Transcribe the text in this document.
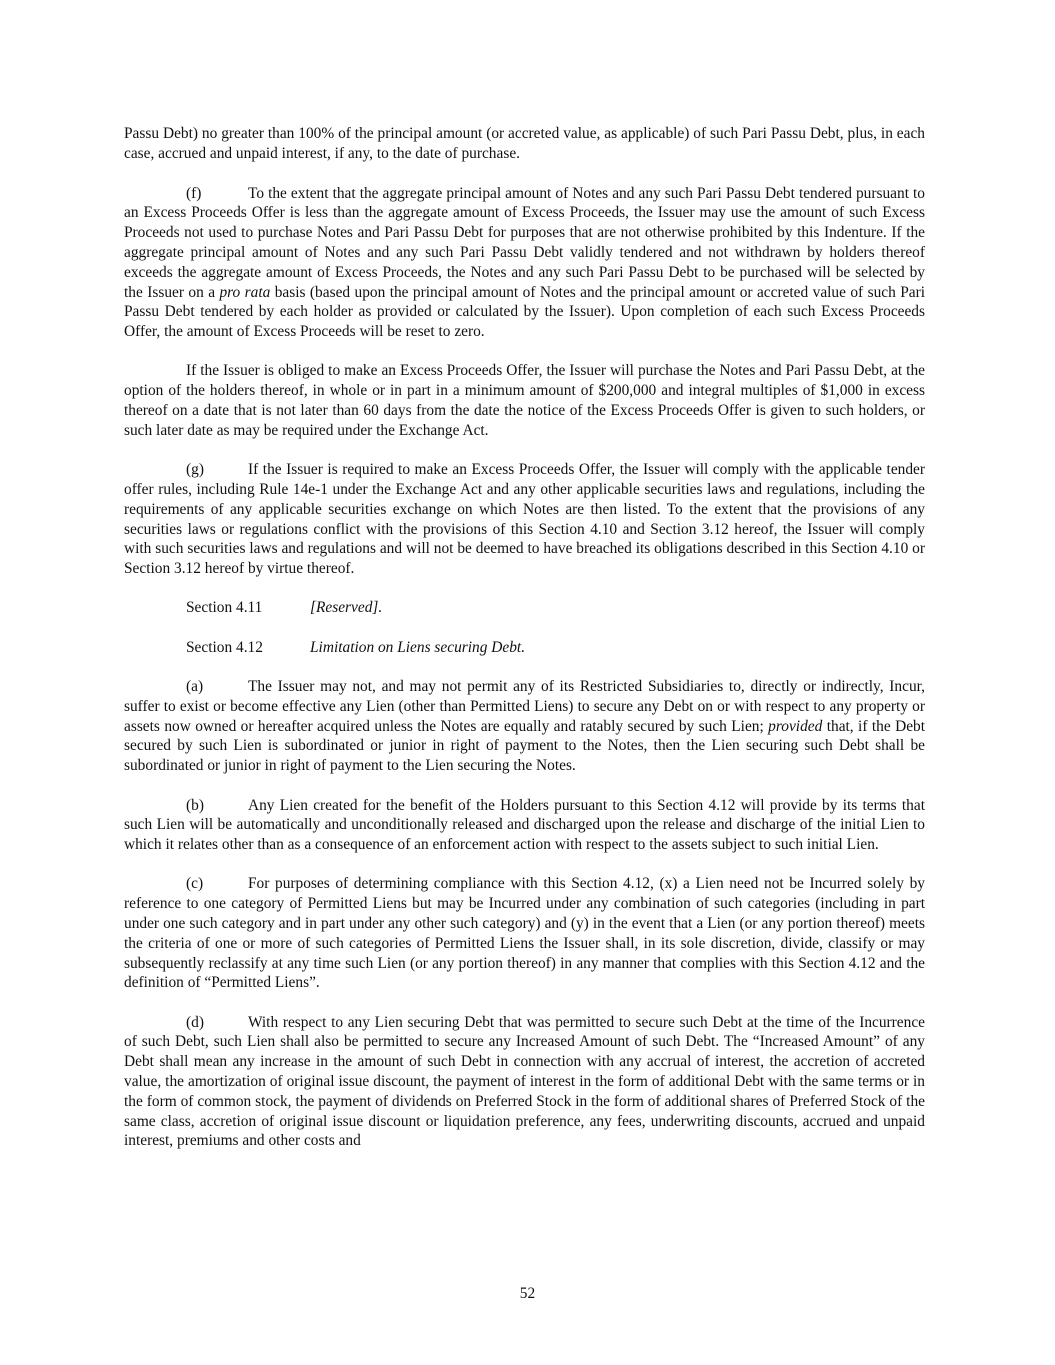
Passu Debt) no greater than 100% of the principal amount (or accreted value, as applicable) of such Pari Passu Debt, plus, in each case, accrued and unpaid interest, if any, to the date of purchase.

(f)	To the extent that the aggregate principal amount of Notes and any such Pari Passu Debt tendered pursuant to an Excess Proceeds Offer is less than the aggregate amount of Excess Proceeds, the Issuer may use the amount of such Excess Proceeds not used to purchase Notes and Pari Passu Debt for purposes that are not otherwise prohibited by this Indenture. If the aggregate principal amount of Notes and any such Pari Passu Debt validly tendered and not withdrawn by holders thereof exceeds the aggregate amount of Excess Proceeds, the Notes and any such Pari Passu Debt to be purchased will be selected by the Issuer on a pro rata basis (based upon the principal amount of Notes and the principal amount or accreted value of such Pari Passu Debt tendered by each holder as provided or calculated by the Issuer). Upon completion of each such Excess Proceeds Offer, the amount of Excess Proceeds will be reset to zero.

If the Issuer is obliged to make an Excess Proceeds Offer, the Issuer will purchase the Notes and Pari Passu Debt, at the option of the holders thereof, in whole or in part in a minimum amount of $200,000 and integral multiples of $1,000 in excess thereof on a date that is not later than 60 days from the date the notice of the Excess Proceeds Offer is given to such holders, or such later date as may be required under the Exchange Act.

(g)	If the Issuer is required to make an Excess Proceeds Offer, the Issuer will comply with the applicable tender offer rules, including Rule 14e-1 under the Exchange Act and any other applicable securities laws and regulations, including the requirements of any applicable securities exchange on which Notes are then listed. To the extent that the provisions of any securities laws or regulations conflict with the provisions of this Section 4.10 and Section 3.12 hereof, the Issuer will comply with such securities laws and regulations and will not be deemed to have breached its obligations described in this Section 4.10 or Section 3.12 hereof by virtue thereof.

Section 4.11	[Reserved].

Section 4.12	Limitation on Liens securing Debt.

(a)	The Issuer may not, and may not permit any of its Restricted Subsidiaries to, directly or indirectly, Incur, suffer to exist or become effective any Lien (other than Permitted Liens) to secure any Debt on or with respect to any property or assets now owned or hereafter acquired unless the Notes are equally and ratably secured by such Lien; provided that, if the Debt secured by such Lien is subordinated or junior in right of payment to the Notes, then the Lien securing such Debt shall be subordinated or junior in right of payment to the Lien securing the Notes.

(b)	Any Lien created for the benefit of the Holders pursuant to this Section 4.12 will provide by its terms that such Lien will be automatically and unconditionally released and discharged upon the release and discharge of the initial Lien to which it relates other than as a consequence of an enforcement action with respect to the assets subject to such initial Lien.

(c)	For purposes of determining compliance with this Section 4.12, (x) a Lien need not be Incurred solely by reference to one category of Permitted Liens but may be Incurred under any combination of such categories (including in part under one such category and in part under any other such category) and (y) in the event that a Lien (or any portion thereof) meets the criteria of one or more of such categories of Permitted Liens the Issuer shall, in its sole discretion, divide, classify or may subsequently reclassify at any time such Lien (or any portion thereof) in any manner that complies with this Section 4.12 and the definition of “Permitted Liens”.

(d)	With respect to any Lien securing Debt that was permitted to secure such Debt at the time of the Incurrence of such Debt, such Lien shall also be permitted to secure any Increased Amount of such Debt. The “Increased Amount” of any Debt shall mean any increase in the amount of such Debt in connection with any accrual of interest, the accretion of accreted value, the amortization of original issue discount, the payment of interest in the form of additional Debt with the same terms or in the form of common stock, the payment of dividends on Preferred Stock in the form of additional shares of Preferred Stock of the same class, accretion of original issue discount or liquidation preference, any fees, underwriting discounts, accrued and unpaid interest, premiums and other costs and

52
